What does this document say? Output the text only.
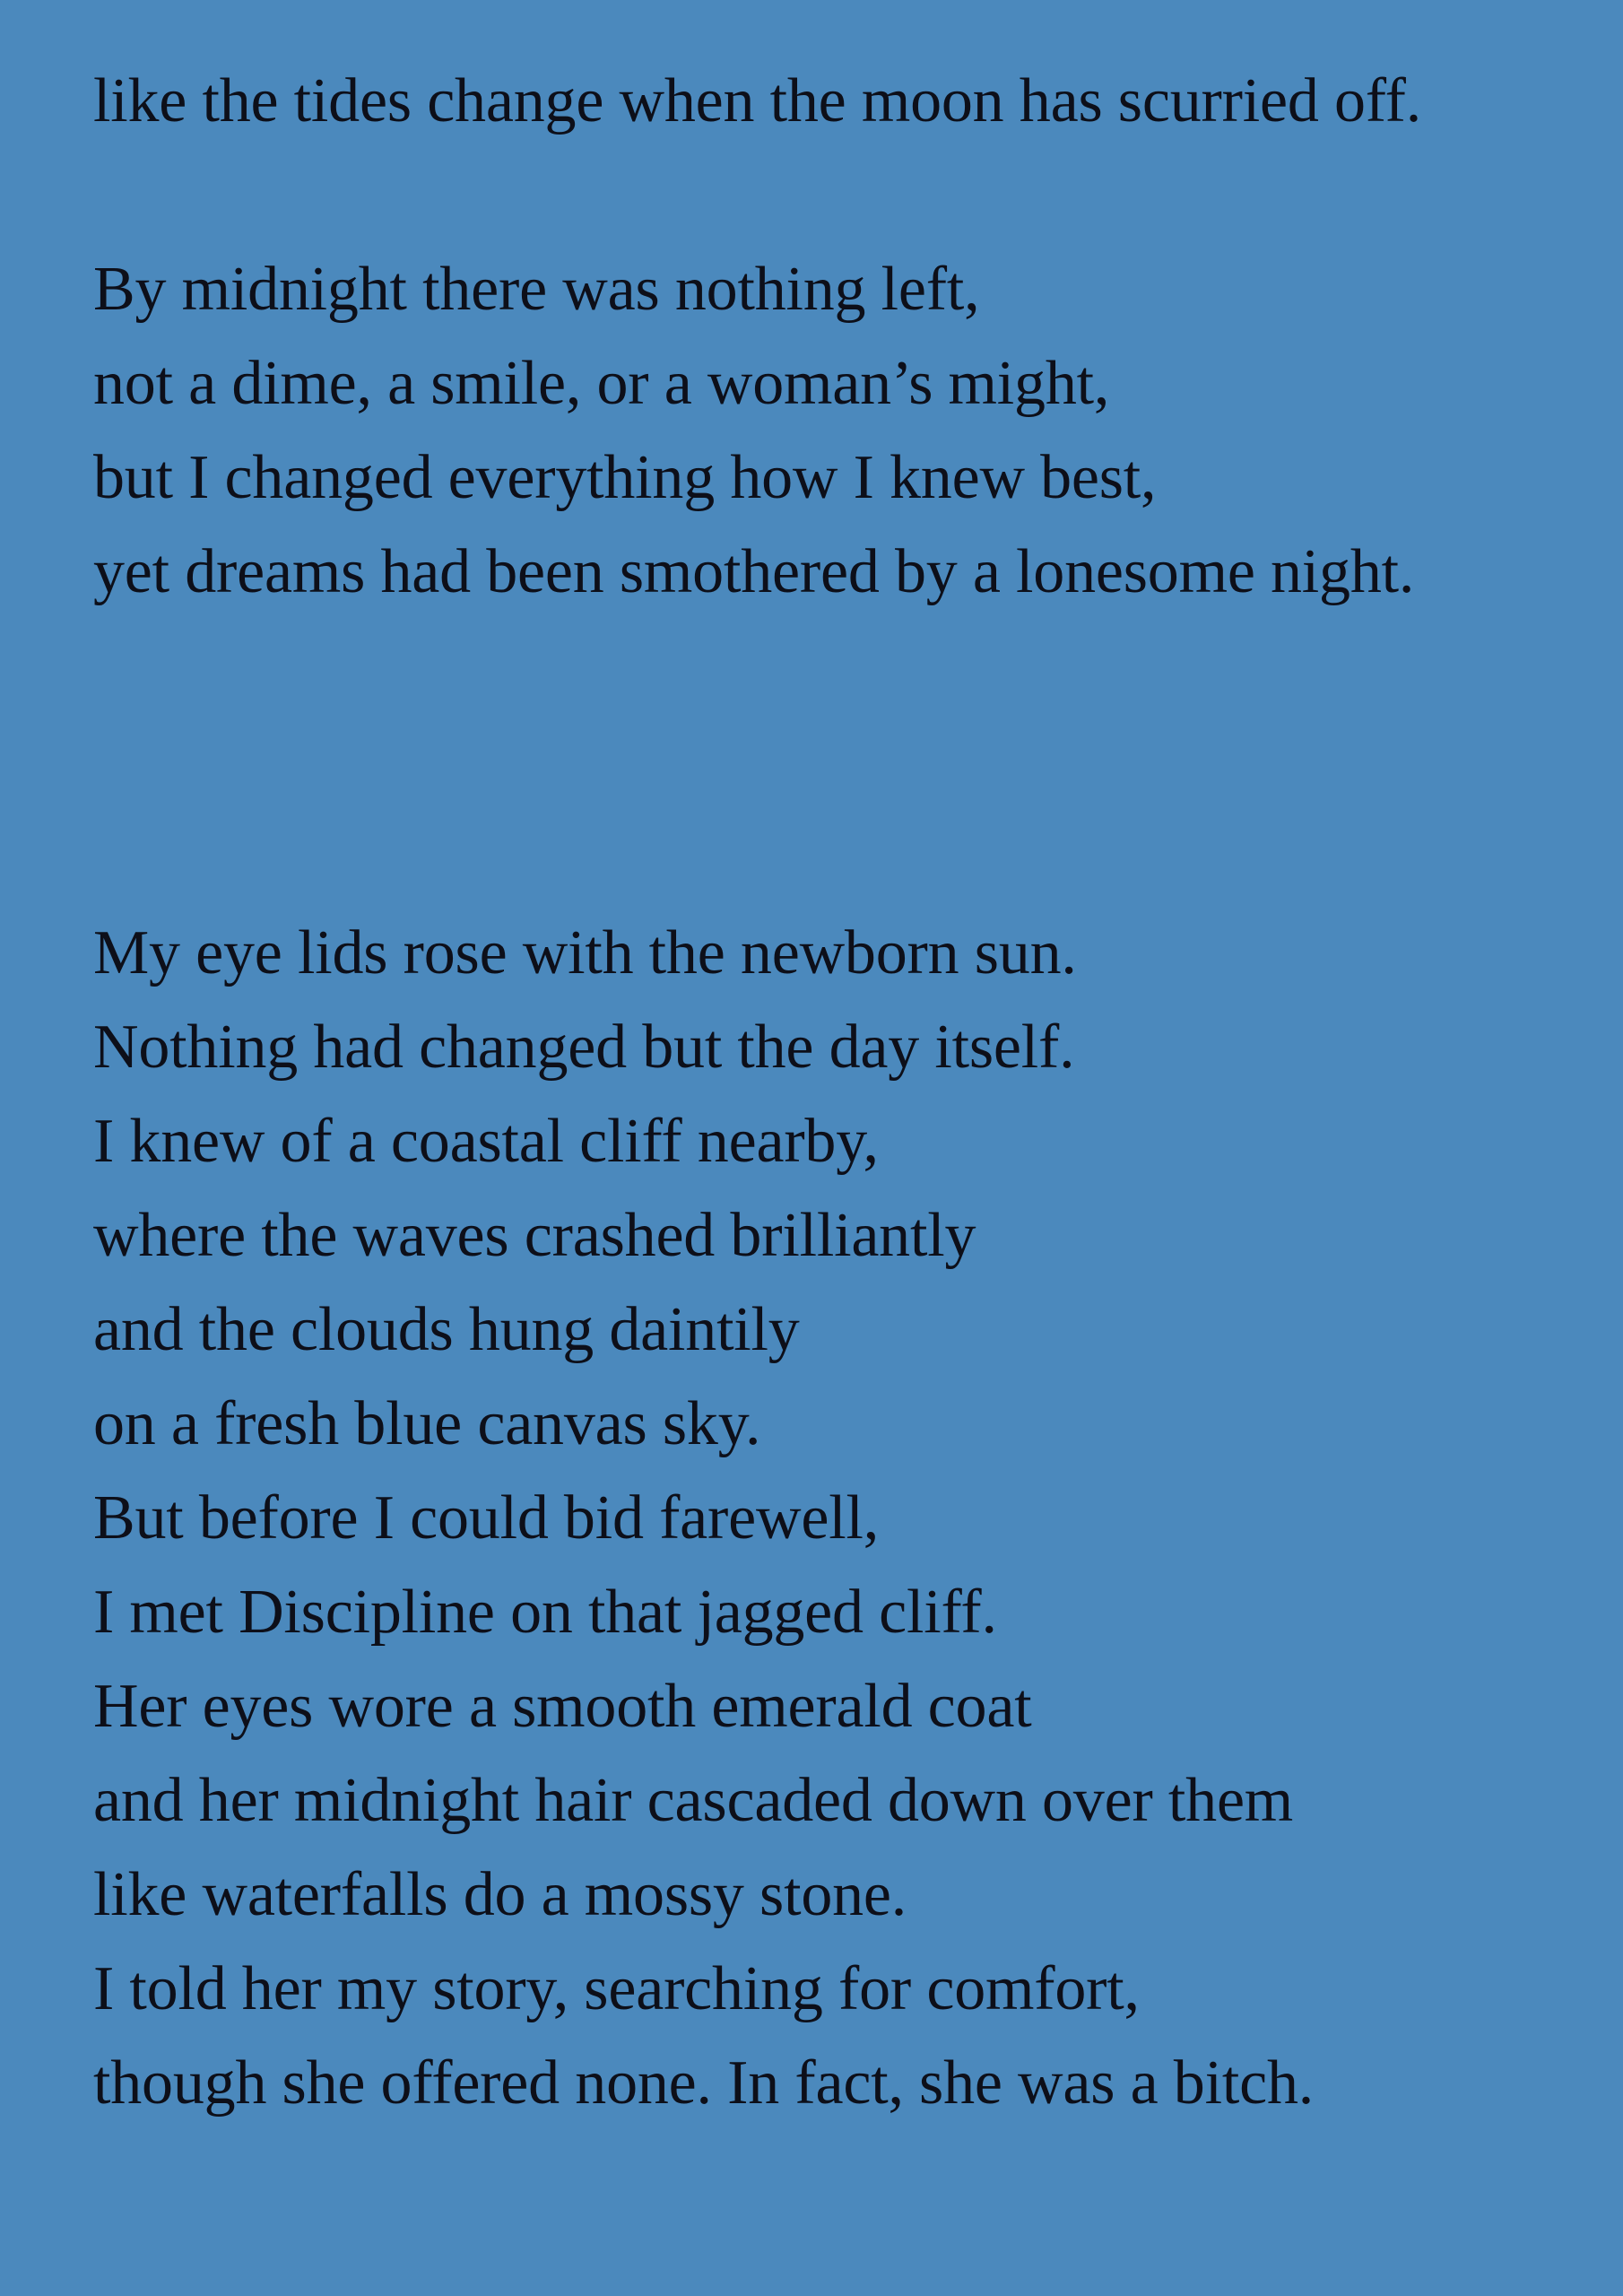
like the tides change when the moon has scurried off.
By midnight there was nothing left,
not a dime, a smile, or a woman’s might,
but I changed everything how I knew best,
yet dreams had been smothered by a lonesome night.
My eye lids rose with the newborn sun.
Nothing had changed but the day itself.
I knew of a coastal cliff nearby,
where the waves crashed brilliantly
and the clouds hung daintily
on a fresh blue canvas sky.
But before I could bid farewell,
I met Discipline on that jagged cliff.
Her eyes wore a smooth emerald coat
and her midnight hair cascaded down over them
like waterfalls do a mossy stone.
I told her my story, searching for comfort,
though she offered none. In fact, she was a bitch.
